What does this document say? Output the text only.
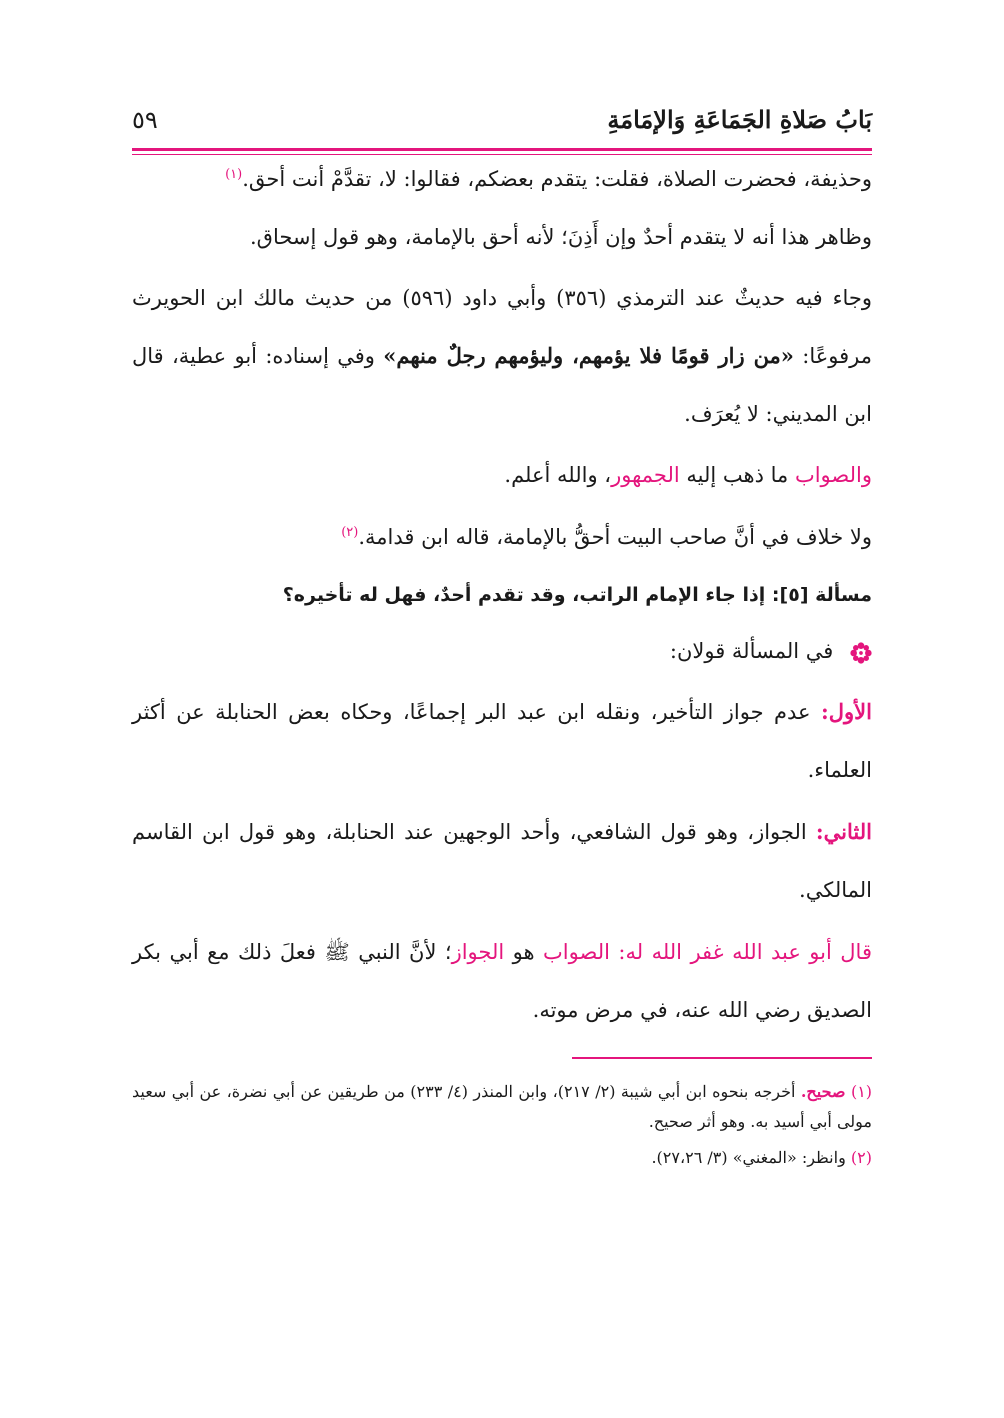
بَابُ صَلاةِ الجَمَاعَةِ وَالإمَامَةِ
٥٩

وحذيفة، فحضرت الصلاة، فقلت: يتقدم بعضكم، فقالوا: لا، تقدَّمْ أنت أحق.$^{(١)}$

وظاهر هذا أنه لا يتقدم أحدٌ وإن أَذِنَ؛ لأنه أحق بالإمامة، وهو قول إسحاق.

وجاء فيه حديثٌ عند الترمذي (٣٥٦) وأبي داود (٥٩٦) من حديث مالك ابن الحويرث مرفوعًا: «من زار قومًا فلا يؤمهم، وليؤمهم رجلٌ منهم» وفي إسناده: أبو عطية، قال ابن المديني: لا يُعرَف.

والصواب ما ذهب إليه الجمهور، والله أعلم.

ولا خلاف في أنَّ صاحب البيت أحقُّ بالإمامة، قاله ابن قدامة.$^{(٢)}$

مسألة [٥]: إذا جاء الإمام الراتب، وقد تقدم أحدٌ، فهل له تأخيره؟

في المسألة قولان:

الأول: عدم جواز التأخير، ونقله ابن عبد البر إجماعًا، وحكاه بعض الحنابلة عن أكثر العلماء.

الثاني: الجواز، وهو قول الشافعي، وأحد الوجهين عند الحنابلة، وهو قول ابن القاسم المالكي.

قال أبو عبد الله غفر الله له: الصواب هو الجواز؛ لأنَّ النبي ﷺ فعلَ ذلك مع أبي بكر الصديق رضي الله عنه، في مرض موته.

(١) صحيح. أخرجه بنحوه ابن أبي شيبة (٢/ ٢١٧)، وابن المنذر (٤/ ٢٣٣) من طريقين عن أبي نضرة، عن أبي سعيد مولى أبي أسيد به. وهو أثر صحيح.
(٢) وانظر: «المغني» (٣/ ٢٧،٢٦).
